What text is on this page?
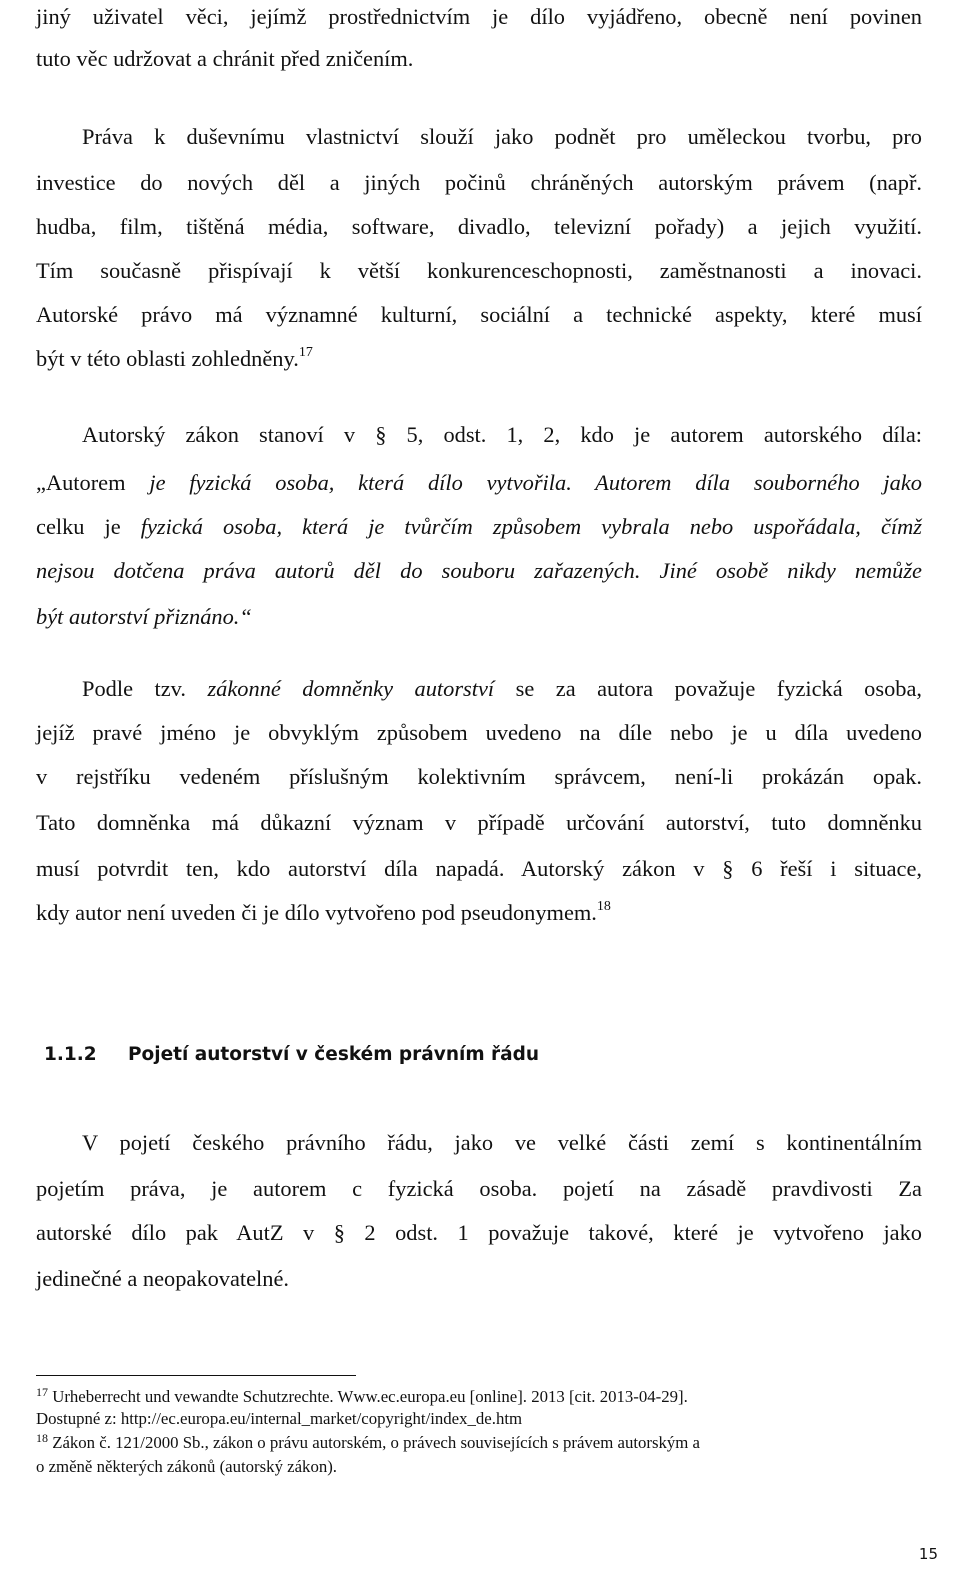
jiný uživatel věci, jejímž prostřednictvím je dílo vyjádřeno, obecně není povinen
tuto věc udržovat a chránit před zničením.
Práva k duševnímu vlastnictví slouží jako podnět pro uměleckou tvorbu, pro
investice do nových děl a jiných počinů chráněných autorským právem (např.
hudba, film, tištěná média, software, divadlo, televizní pořady) a jejich využití.
Tím současně přispívají k větší konkurenceschopnosti, zaměstnanosti a inovaci.
Autorské právo má významné kulturní, sociální a technické aspekty, které musí
být v této oblasti zohledněny.$^{17}$
Autorský zákon stanoví v § 5, odst. 1, 2, kdo je autorem autorského díla:
„Autorem je fyzická osoba, která dílo vytvořila. Autorem díla souborného jako
celku je fyzická osoba, která je tvůrčím způsobem vybrala nebo uspořádala, čímž
nejsou dotčena práva autorů děl do souboru zařazených. Jiné osobě nikdy nemůže
být autorství přiznáno.“
Podle tzv. zákonné domněnky autorství se za autora považuje fyzická osoba,
jejíž pravé jméno je obvyklým způsobem uvedeno na díle nebo je u díla uvedeno
v rejstříku vedeném příslušným kolektivním správcem, není-li prokázán opak.
Tato domněnka má důkazní význam v případě určování autorství, tuto domněnku
musí potvrdit ten, kdo autorství díla napadá. Autorský zákon v § 6 řeší i situace,
kdy autor není uveden či je dílo vytvořeno pod pseudonymem.$^{18}$
1.1.2 Pojetí autorství v českém právním řádu
V pojetí českého právního řádu, jako ve velké části zemí s kontinentálním
pojetím práva, je autorem c fyzická osoba. pojetí na zásadě pravdivosti Za
autorské dílo pak AutZ v § 2 odst. 1 považuje takové, které je vytvořeno jako
jedinečné a neopakovatelné.
$^{17}$ Urheberrecht und vewandte Schutzrechte. Www.ec.europa.eu [online]. 2013 [cit. 2013-04-29].
Dostupné z: http://ec.europa.eu/internal_market/copyright/index_de.htm
$^{18}$ Zákon č. 121/2000 Sb., zákon o právu autorském, o právech souvisejících s právem autorským a
o změně některých zákonů (autorský zákon).
15
